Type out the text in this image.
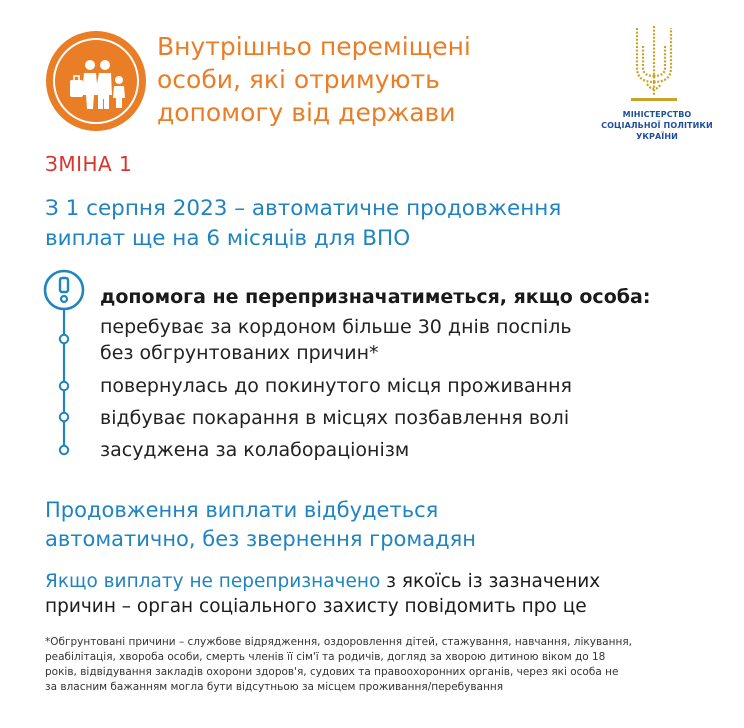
Внутрішньо переміщені
особи, які отримують
допомогу від держави	МІНІСТЕРСТВО
СОЦІАЛЬНОЇ ПОЛІТИКИ
УКРАЇНИ
ЗМІНА 1
З 1 серпня 2023 – автоматичне продовження
виплат ще на 6 місяців для ВПО
допомога не перепризначатиметься, якщо особа:
перебуває за кордоном більше 30 днів поспіль
без обгрунтованих причин*
повернулась до покинутого місця проживання
відбуває покарання в місцях позбавлення волі
засуджена за колабораціонізм
Продовження виплати відбудеться
автоматично, без звернення громадян
Якщо виплату не перепризначено з якоїсь із зазначених
причин – орган соціального захисту повідомить про це
*Обгрунтовані причини – службове відрядження, оздоровлення дітей, стажування, навчання, лікування,
реабілітація, хвороба особи, смерть членів її сім'ї та родичів, догляд за хворою дитиною віком до 18
років, відвідування закладів охорони здоров'я, судових та правоохоронних органів, через які особа не
за власним бажанням могла бути відсутньою за місцем проживання/перебування
